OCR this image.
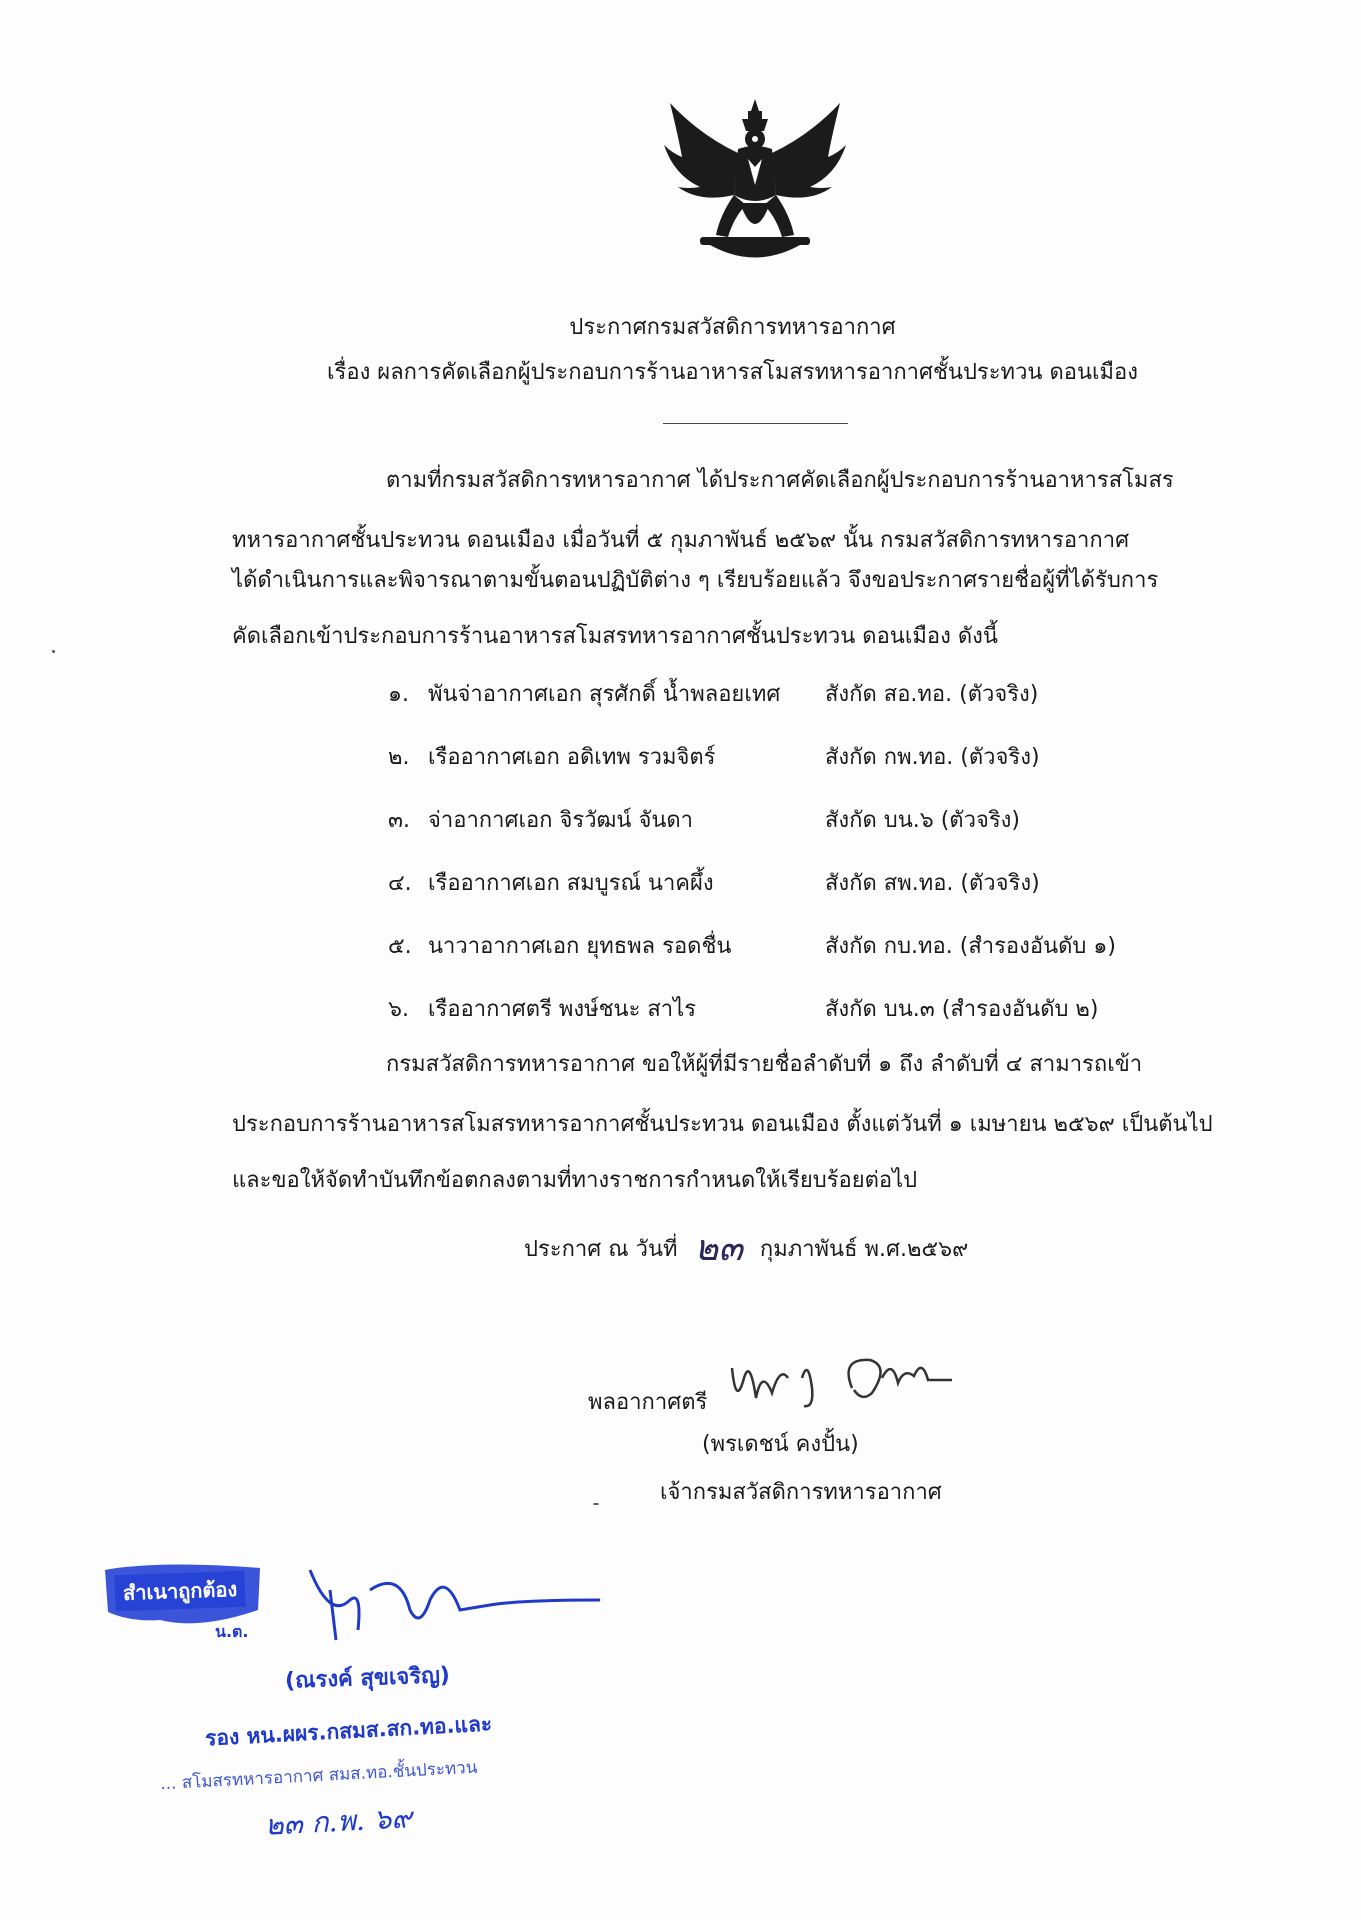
ประกาศกรมสวัสดิการทหารอากาศ
เรื่อง ผลการคัดเลือกผู้ประกอบการร้านอาหารสโมสรทหารอากาศชั้นประทวน ดอนเมือง
ตามที่กรมสวัสดิการทหารอากาศ ได้ประกาศคัดเลือกผู้ประกอบการร้านอาหารสโมสร
ทหารอากาศชั้นประทวน ดอนเมือง เมื่อวันที่ ๕ กุมภาพันธ์ ๒๕๖๙ นั้น กรมสวัสดิการทหารอากาศ
ได้ดำเนินการและพิจารณาตามขั้นตอนปฏิบัติต่าง ๆ เรียบร้อยแล้ว จึงขอประกาศรายชื่อผู้ที่ได้รับการ
คัดเลือกเข้าประกอบการร้านอาหารสโมสรทหารอากาศชั้นประทวน ดอนเมือง ดังนี้
๑. พันจ่าอากาศเอก สุรศักดิ์ น้ำพลอยเทศ สังกัด สอ.ทอ. (ตัวจริง)
๒. เรืออากาศเอก อดิเทพ รวมจิตร์	สังกัด กพ.ทอ. (ตัวจริง)
๓. จ่าอากาศเอก จิรวัฒน์ จันดา	สังกัด บน.๖ (ตัวจริง)
๔. เรืออากาศเอก สมบูรณ์ นาคผึ้ง	สังกัด สพ.ทอ. (ตัวจริง)
๕. นาวาอากาศเอก ยุทธพล รอดชื่น	สังกัด กบ.ทอ. (สำรองอันดับ ๑)
๖. เรืออากาศตรี พงษ์ชนะ สาไร	สังกัด บน.๓ (สำรองอันดับ ๒)
กรมสวัสดิการทหารอากาศ ขอให้ผู้ที่มีรายชื่อลำดับที่ ๑ ถึง ลำดับที่ ๔ สามารถเข้า
ประกอบการร้านอาหารสโมสรทหารอากาศชั้นประทวน ดอนเมือง ตั้งแต่วันที่ ๑ เมษายน ๒๕๖๙ เป็นต้นไป
และขอให้จัดทำบันทึกข้อตกลงตามที่ทางราชการกำหนดให้เรียบร้อยต่อไป
ประกาศ ณ วันที่ ๒๓ กุมภาพันธ์ พ.ศ.๒๕๖๙
พลอากาศตรี
(พรเดชน์ คงปั้น)
เจ้ากรมสวัสดิการทหารอากาศ
สำเนาถูกต้อง
น.ต.
(ณรงค์ สุขเจริญ)
รอง หน.ผผร.กสมส.สก.ทอ.และ
... สโมสรทหารอากาศ สมส.ทอ.ชั้นประทวน
๒๓ ก.พ. ๖๙
